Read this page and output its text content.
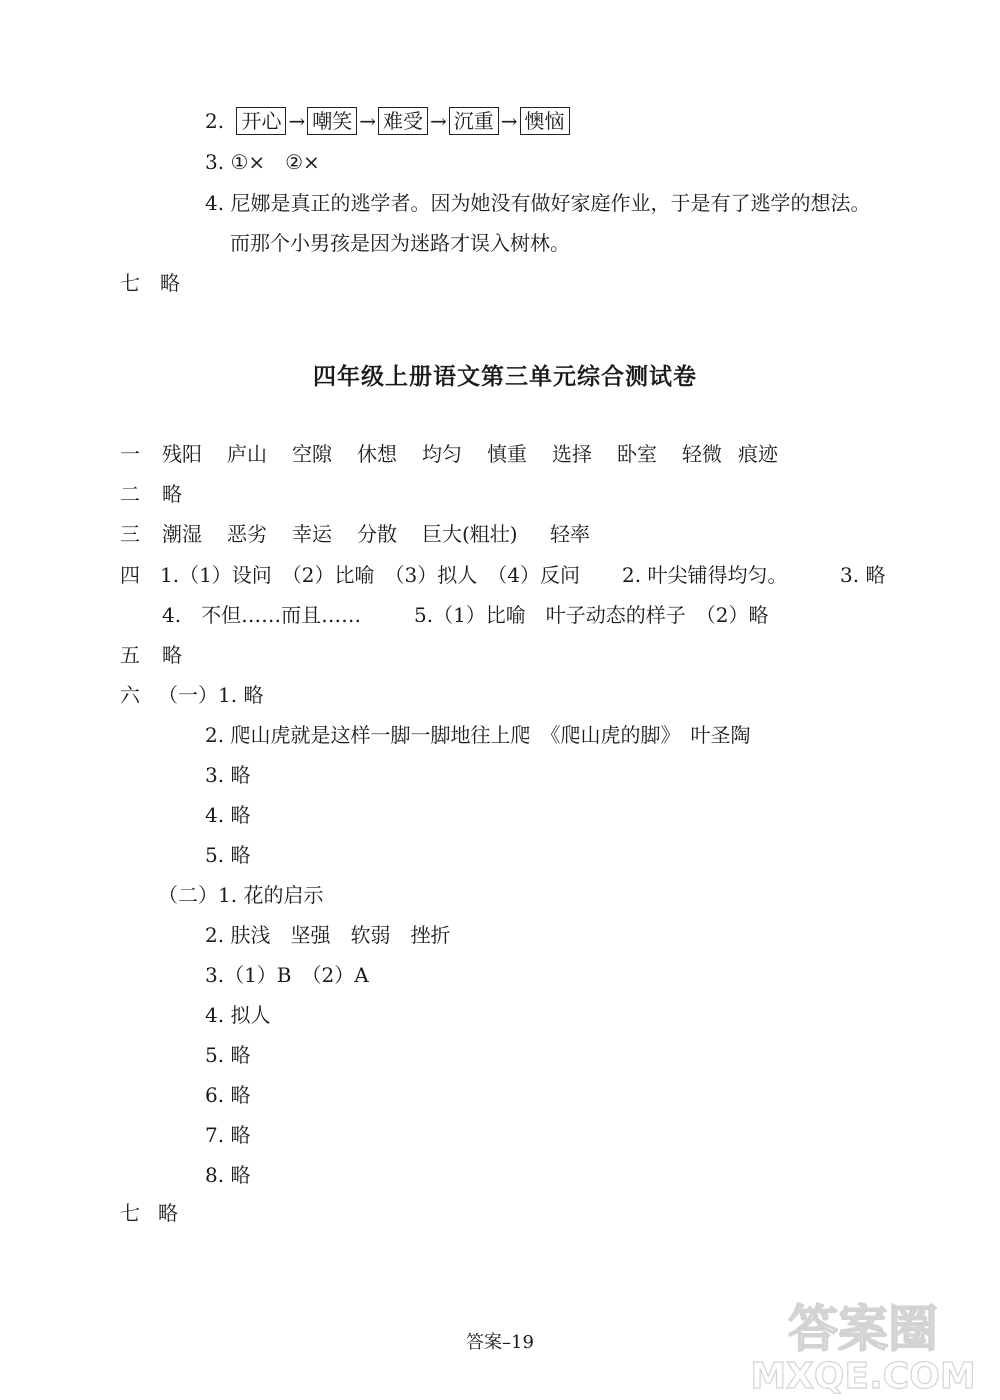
2. 开心 → 嘲笑 → 难受 → 沉重 → 懊恼
3. ①×　②×
4. 尼娜是真正的逃学者。因为她没有做好家庭作业，于是有了逃学的想法。
而那个小男孩是因为迷路才误入树林。
七　略
四年级上册语文第三单元综合测试卷
一 残阳 庐山 空隙 休想 均匀 慎重 选择 卧室 轻微 痕迹
二 略
三 潮湿 恶劣 幸运 分散 巨大(粗壮) 轻率
四 1.（1）设问　（2）比喻　（3）拟人　（4）反问 2. 叶尖铺得均匀。	3. 略
4.　不但……而且……	5.（1）比喻　叶子动态的样子　（2）略
五 略
六 （一）1. 略
2. 爬山虎就是这样一脚一脚地往上爬　《爬山虎的脚》　叶圣陶
3. 略
4. 略
5. 略
（二）1. 花的启示
2. 肤浅　坚强　软弱　挫折
3.（1）B　（2）A
4. 拟人
5. 略
6. 略
7. 略
8. 略
七 略
答案–19	答案圈
MXQE.COM
